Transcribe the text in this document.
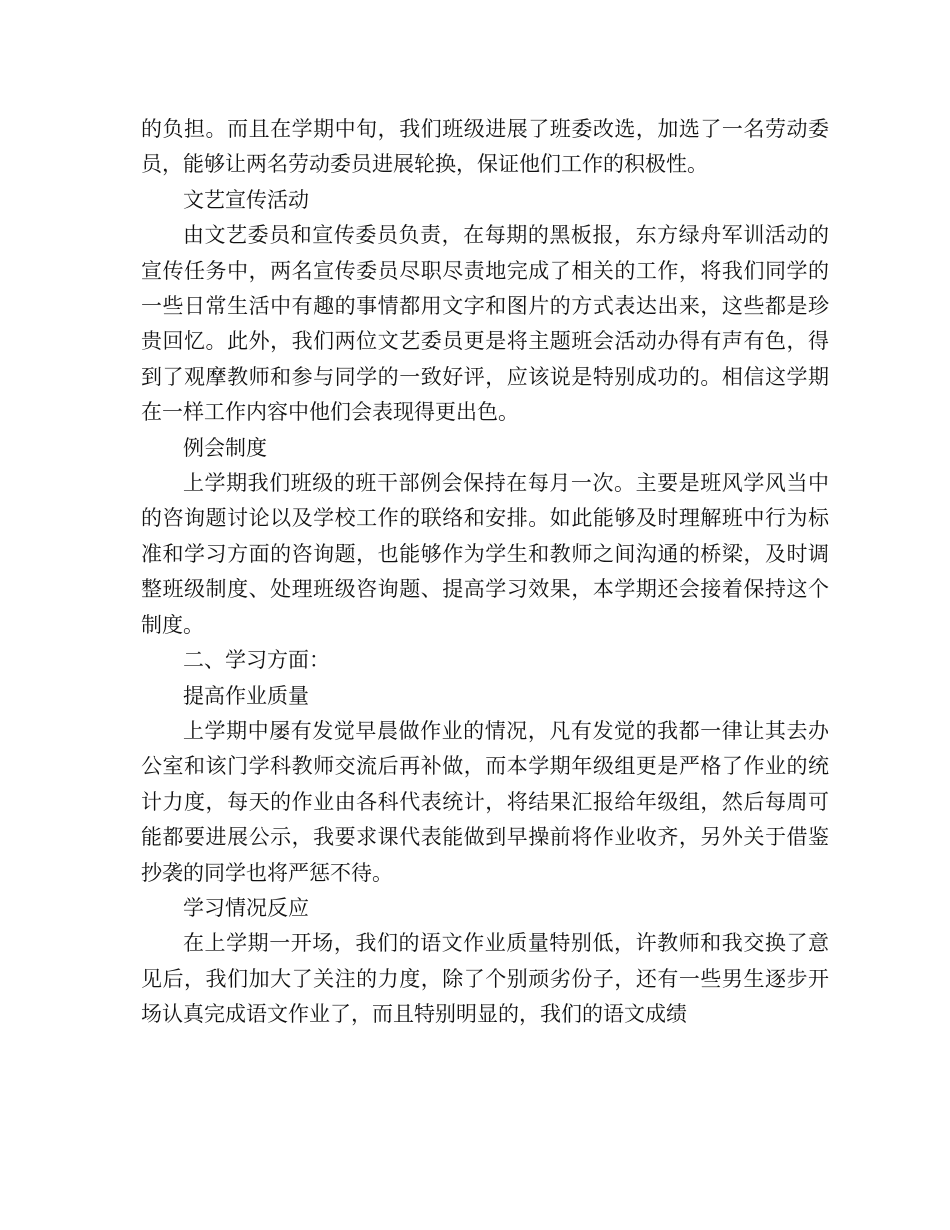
的负担。而且在学期中旬，我们班级进展了班委改选，加选了一名劳动委员，能够让两名劳动委员进展轮换，保证他们工作的积极性。

文艺宣传活动

由文艺委员和宣传委员负责，在每期的黑板报，东方绿舟军训活动的宣传任务中，两名宣传委员尽职尽责地完成了相关的工作，将我们同学的一些日常生活中有趣的事情都用文字和图片的方式表达出来，这些都是珍贵回忆。此外，我们两位文艺委员更是将主题班会活动办得有声有色，得到了观摩教师和参与同学的一致好评，应该说是特别成功的。相信这学期在一样工作内容中他们会表现得更出色。

例会制度

上学期我们班级的班干部例会保持在每月一次。主要是班风学风当中的咨询题讨论以及学校工作的联络和安排。如此能够及时理解班中行为标准和学习方面的咨询题，也能够作为学生和教师之间沟通的桥梁，及时调整班级制度、处理班级咨询题、提高学习效果，本学期还会接着保持这个制度。

二、学习方面：

提高作业质量

上学期中屡有发觉早晨做作业的情况，凡有发觉的我都一律让其去办公室和该门学科教师交流后再补做，而本学期年级组更是严格了作业的统计力度，每天的作业由各科代表统计，将结果汇报给年级组，然后每周可能都要进展公示，我要求课代表能做到早操前将作业收齐，另外关于借鉴抄袭的同学也将严惩不待。

学习情况反应

在上学期一开场，我们的语文作业质量特别低，许教师和我交换了意见后，我们加大了关注的力度，除了个别顽劣份子，还有一些男生逐步开场认真完成语文作业了，而且特别明显的，我们的语文成绩
